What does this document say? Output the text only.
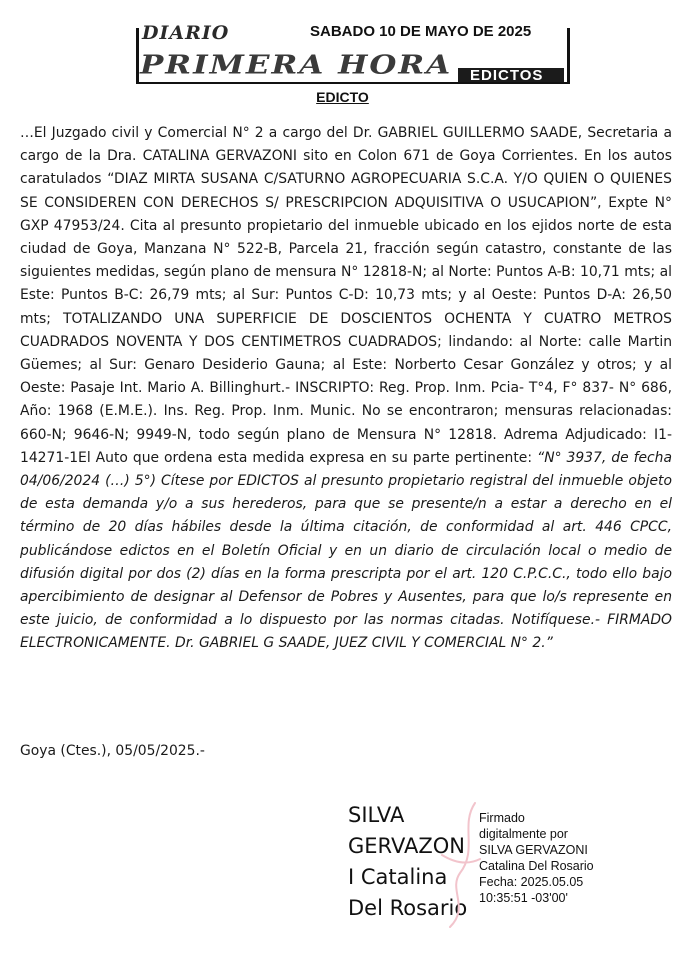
DIARIO
PRIMERA HORA EDICTOS
SABADO 10 DE MAYO DE 2025
EDICTO
…El Juzgado civil y Comercial N° 2 a cargo del Dr. GABRIEL GUILLERMO SAADE, Secretaria a cargo de la Dra. CATALINA GERVAZONI sito en Colon 671 de Goya Corrientes. En los autos caratulados “DIAZ MIRTA SUSANA C/SATURNO AGROPECUARIA S.C.A. Y/O QUIEN O QUIENES SE CONSIDEREN CON DERECHOS S/ PRESCRIPCION ADQUISITIVA O USUCAPION”, Expte N° GXP 47953/24. Cita al presunto propietario del inmueble ubicado en los ejidos norte de esta ciudad de Goya, Manzana N° 522-B, Parcela 21, fracción según catastro, constante de las siguientes medidas, según plano de mensura N° 12818-N; al Norte: Puntos A-B: 10,71 mts; al Este: Puntos B-C: 26,79 mts; al Sur: Puntos C-D: 10,73 mts; y al Oeste: Puntos D-A: 26,50 mts; TOTALIZANDO UNA SUPERFICIE DE DOSCIENTOS OCHENTA Y CUATRO METROS CUADRADOS NOVENTA Y DOS CENTIMETROS CUADRADOS; lindando: al Norte: calle Martin Güemes; al Sur: Genaro Desiderio Gauna; al Este: Norberto Cesar González y otros; y al Oeste: Pasaje Int. Mario A. Billinghurt.- INSCRIPTO: Reg. Prop. Inm. Pcia- T°4, F° 837- N° 686, Año: 1968 (E.M.E.). Ins. Reg. Prop. Inm. Munic. No se encontraron; mensuras relacionadas: 660-N; 9646-N; 9949-N, todo según plano de Mensura N° 12818. Adrema Adjudicado: I1-14271-1El Auto que ordena esta medida expresa en su parte pertinente: “N° 3937, de fecha 04/06/2024 (…) 5°) Cítese por EDICTOS al presunto propietario registral del inmueble objeto de esta demanda y/o a sus herederos, para que se presente/n a estar a derecho en el término de 20 días hábiles desde la última citación, de conformidad al art. 446 CPCC, publicándose edictos en el Boletín Oficial y en un diario de circulación local o medio de difusión digital por dos (2) días en la forma prescripta por el art. 120 C.P.C.C., todo ello bajo apercibimiento de designar al Defensor de Pobres y Ausentes, para que lo/s represente en este juicio, de conformidad a lo dispuesto por las normas citadas. Notifíquese.- FIRMADO ELECTRONICAMENTE. Dr. GABRIEL G SAADE, JUEZ CIVIL Y COMERCIAL N° 2.”
Goya (Ctes.), 05/05/2025.-
SILVA
GERVAZON
I Catalina
Del Rosario
Firmado
digitalmente por
SILVA GERVAZONI
Catalina Del Rosario
Fecha: 2025.05.05
10:35:51 -03'00'
